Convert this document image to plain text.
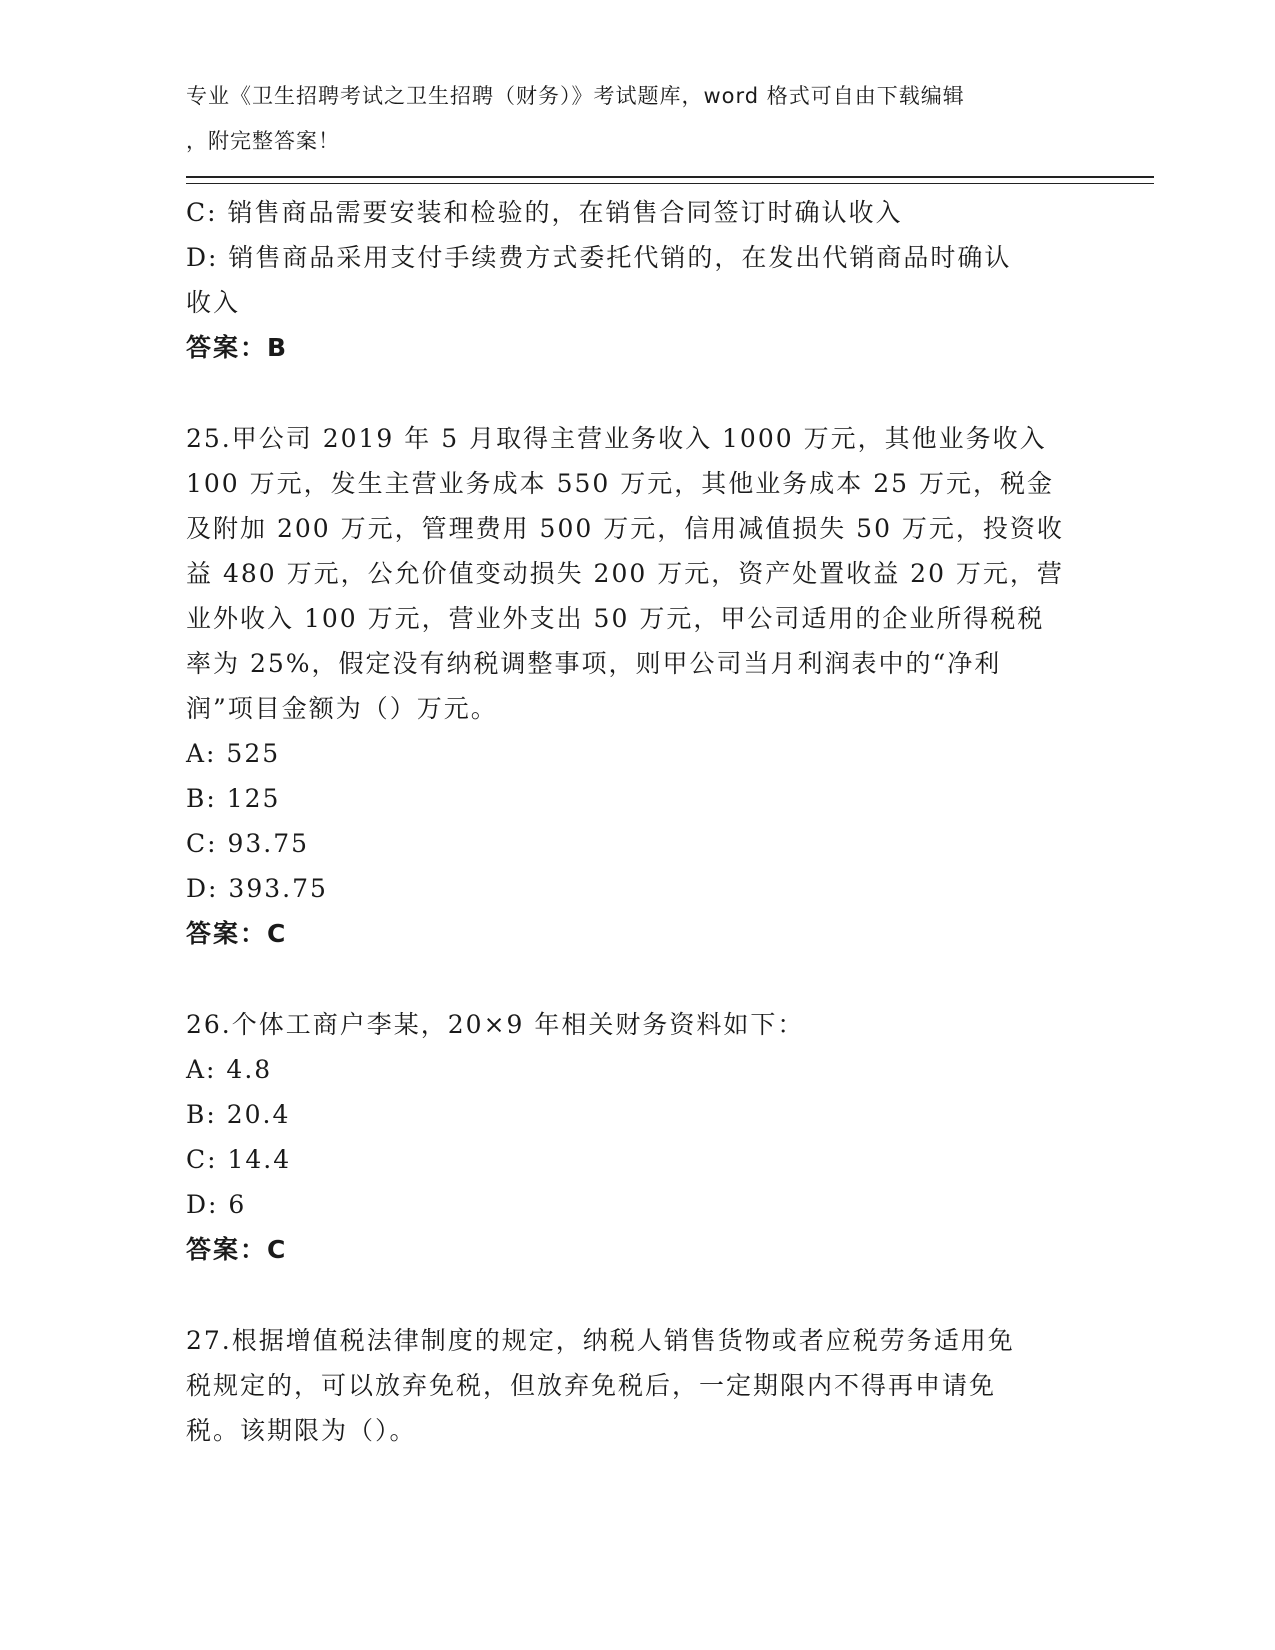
专业《卫生招聘考试之卫生招聘（财务）》考试题库，word 格式可自由下载编辑
，附完整答案！
C: 销售商品需要安装和检验的，在销售合同签订时确认收入
D: 销售商品采用支付手续费方式委托代销的，在发出代销商品时确认
收入
答案：B
25.甲公司 2019 年 5 月取得主营业务收入 1000 万元，其他业务收入
100 万元，发生主营业务成本 550 万元，其他业务成本 25 万元，税金
及附加 200 万元，管理费用 500 万元，信用减值损失 50 万元，投资收
益 480 万元，公允价值变动损失 200 万元，资产处置收益 20 万元，营
业外收入 100 万元，营业外支出 50 万元，甲公司适用的企业所得税税
率为 25%，假定没有纳税调整事项，则甲公司当月利润表中的“净利
润”项目金额为（）万元。
A: 525
B: 125
C: 93.75
D: 393.75
答案：C
26.个体工商户李某，20×9 年相关财务资料如下：
A: 4.8
B: 20.4
C: 14.4
D: 6
答案：C
27.根据增值税法律制度的规定，纳税人销售货物或者应税劳务适用免
税规定的，可以放弃免税，但放弃免税后，一定期限内不得再申请免
税。该期限为（）。
